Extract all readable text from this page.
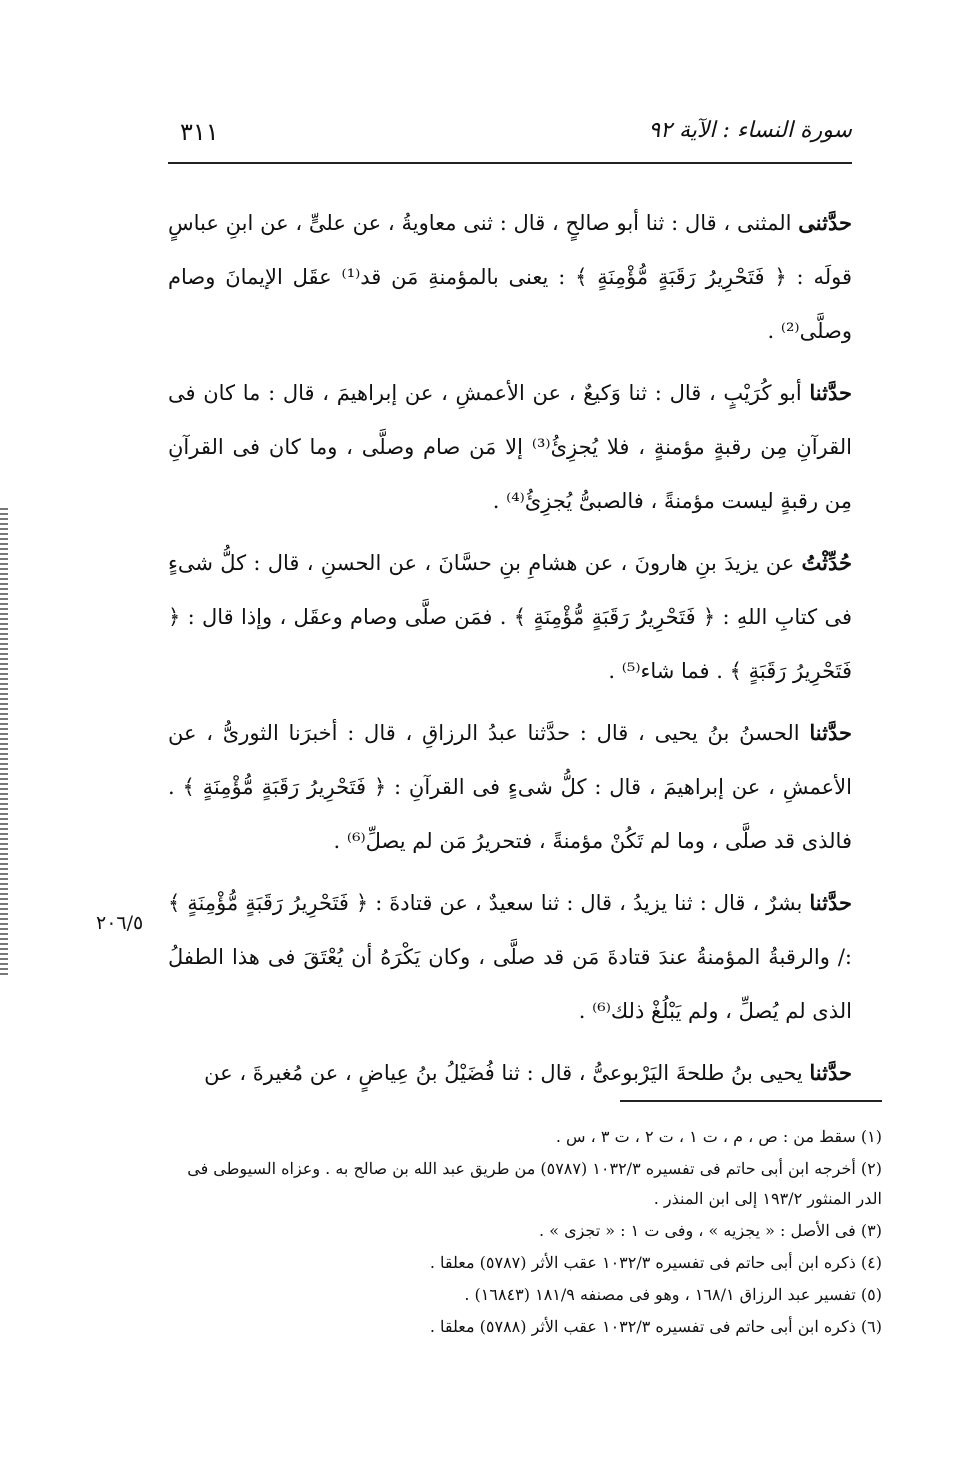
٣١١	سورة النساء : الآية ٩٢

حدَّثنى المثنى ، قال : ثنا أبو صالحٍ ، قال : ثنى معاويةُ ، عن علىٍّ ، عن ابنِ عباسٍ قولَه : ﴿ فَتَحْرِيرُ رَقَبَةٍ مُّؤْمِنَةٍ ﴾ : يعنى بالمؤمنةِ مَن قد⁽¹⁾ عقَل الإيمانَ وصام وصلَّى⁽²⁾ .

حدَّثنا أبو كُرَيْبٍ ، قال : ثنا وَكيعٌ ، عن الأعمشِ ، عن إبراهيمَ ، قال : ما كان فى القرآنِ مِن رقبةٍ مؤمنةٍ ، فلا يُجزِئُ⁽³⁾ إلا مَن صام وصلَّى ، وما كان فى القرآنِ مِن رقبةٍ ليست مؤمنةً ، فالصبىُّ يُجزِئُ⁽⁴⁾ .

حُدِّثْتُ عن يزيدَ بنِ هارونَ ، عن هشامِ بنِ حسَّانَ ، عن الحسنِ ، قال : كلُّ شىءٍ فى كتابِ اللهِ : ﴿ فَتَحْرِيرُ رَقَبَةٍ مُّؤْمِنَةٍ ﴾ . فمَن صلَّى وصام وعقَل ، وإذا قال : ﴿ فَتَحْرِيرُ رَقَبَةٍ ﴾ . فما شاء⁽⁵⁾ .

حدَّثنا الحسنُ بنُ يحيى ، قال : حدَّثنا عبدُ الرزاقِ ، قال : أخبرَنا الثورىُّ ، عن الأعمشِ ، عن إبراهيمَ ، قال : كلُّ شىءٍ فى القرآنِ : ﴿ فَتَحْرِيرُ رَقَبَةٍ مُّؤْمِنَةٍ ﴾ . فالذى قد صلَّى ، وما لم تَكُنْ مؤمنةً ، فتحريرُ مَن لم يصلِّ⁽⁶⁾ .

حدَّثنا بشرٌ ، قال : ثنا يزيدُ ، قال : ثنا سعيدٌ ، عن قتادةَ : ﴿ فَتَحْرِيرُ رَقَبَةٍ مُّؤْمِنَةٍ ﴾ :/ والرقبةُ المؤمنةُ عندَ قتادةَ مَن قد صلَّى ، وكان يَكْرَهُ أن يُعْتَقَ فى هذا الطفلُ الذى لم يُصلِّ ، ولم يَبْلُغْ ذلك⁽⁶⁾ .

حدَّثنا يحيى بنُ طلحةَ اليَرْبوعىُّ ، قال : ثنا فُضَيْلُ بنُ عِياضٍ ، عن مُغيرةَ ، عن

٢٠٦/٥

(١) سقط من : ص ، م ، ت ١ ، ت ٢ ، ت ٣ ، س .

(٢) أخرجه ابن أبى حاتم فى تفسيره ١٠٣٢/٣ (٥٧٨٧) من طريق عبد الله بن صالح به . وعزاه السيوطى فى الدر المنثور ١٩٣/٢ إلى ابن المنذر .

(٣) فى الأصل : « يجزيه » ، وفى ت ١ : « تجزى » .

(٤) ذكره ابن أبى حاتم فى تفسيره ١٠٣٢/٣ عقب الأثر (٥٧٨٧) معلقا .

(٥) تفسير عبد الرزاق ١٦٨/١ ، وهو فى مصنفه ١٨١/٩ (١٦٨٤٣) .

(٦) ذكره ابن أبى حاتم فى تفسيره ١٠٣٢/٣ عقب الأثر (٥٧٨٨) معلقا .
